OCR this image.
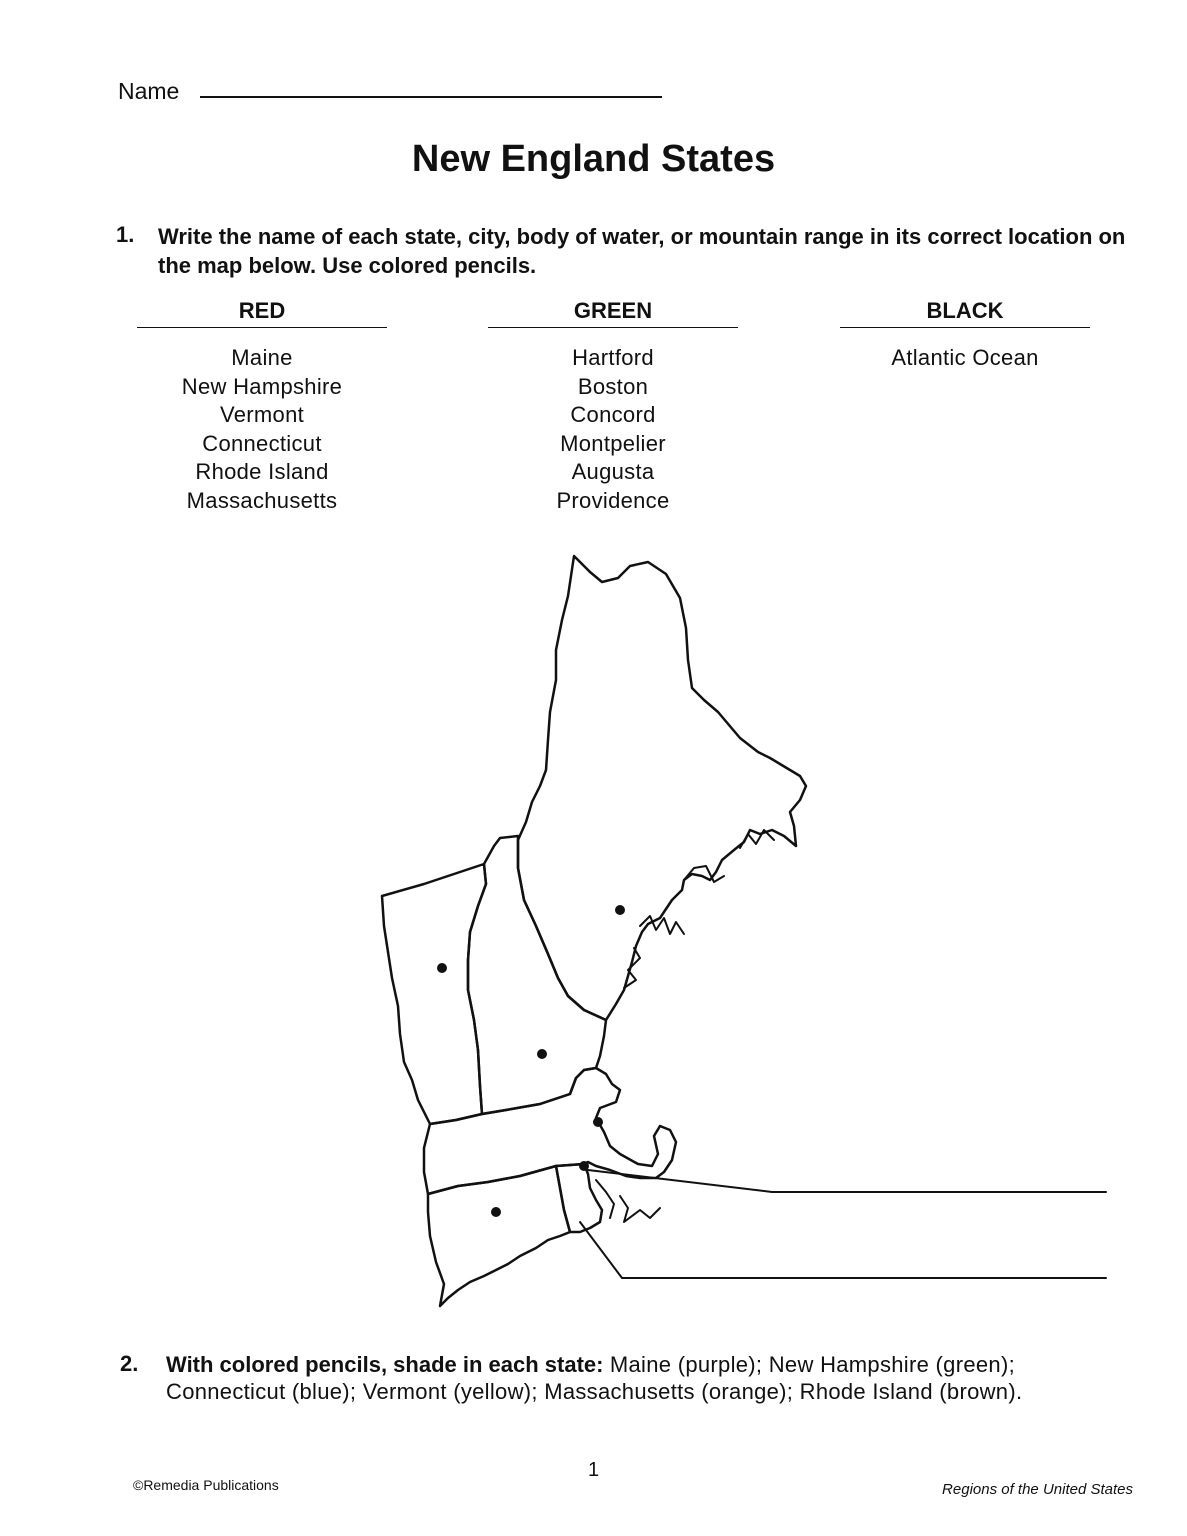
Name
New England States
1. Write the name of each state, city, body of water, or mountain range in its correct location on the map below. Use colored pencils.
RED
Maine
New Hampshire
Vermont
Connecticut
Rhode Island
Massachusetts
GREEN
Hartford
Boston
Concord
Montpelier
Augusta
Providence
BLACK
Atlantic Ocean
2. With colored pencils, shade in each state: Maine (purple); New Hampshire (green); Connecticut (blue); Vermont (yellow); Massachusetts (orange); Rhode Island (brown).
1
©Remedia Publications	Regions of the United States
